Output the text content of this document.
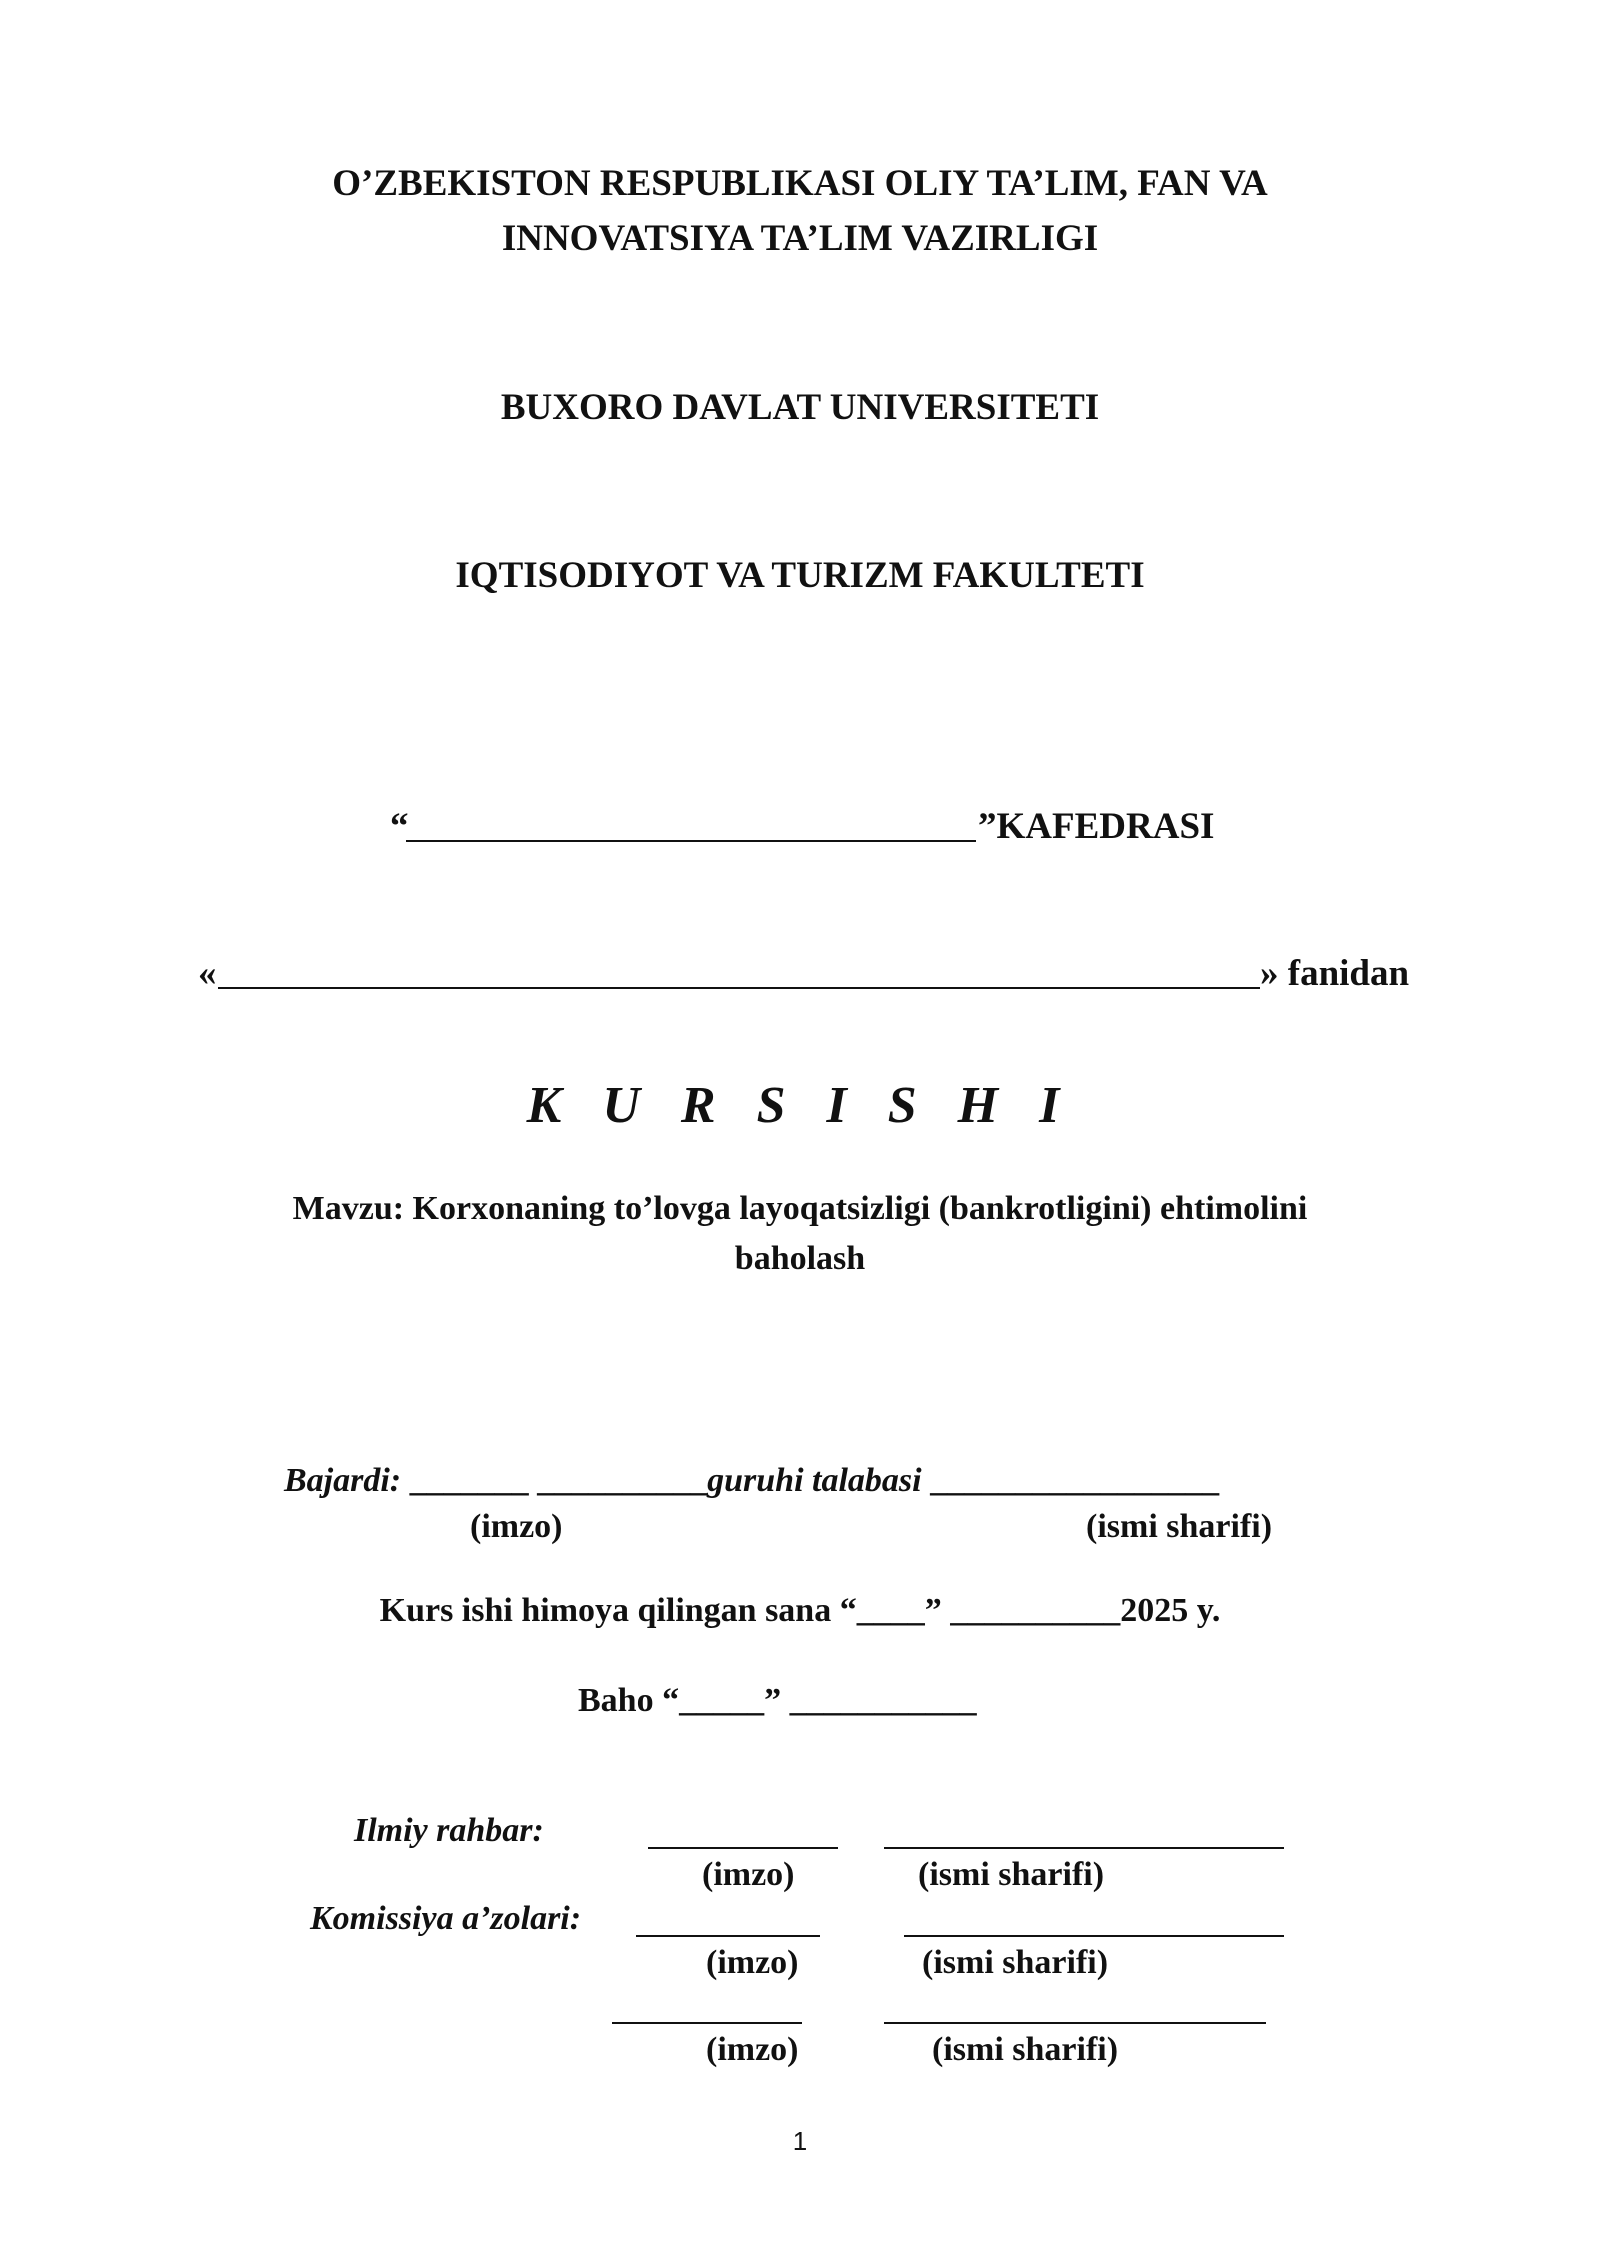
O’ZBEKISTON RESPUBLIKASI OLIY TA’LIM, FAN VA
INNOVATSIYA TA’LIM VAZIRLIGI
BUXORO DAVLAT UNIVERSITETI
IQTISODIYOT VA TURIZM FAKULTETI
“	”KAFEDRASI
«	» fanidan
K U R S I S H I
Mavzu: Korxonaning to’lovga layoqatsizligi (bankrotligini) ehtimolini
baholash
Bajardi: _______ __________guruhi talabasi _________________
(imzo)	(ismi sharifi)
Kurs ishi himoya qilingan sana “____” __________2025 y.
Baho “_____” ___________
Ilmiy rahbar:
(imzo)	(ismi sharifi)
Komissiya a’zolari:
(imzo)	(ismi sharifi)
(imzo)	(ismi sharifi)
1
